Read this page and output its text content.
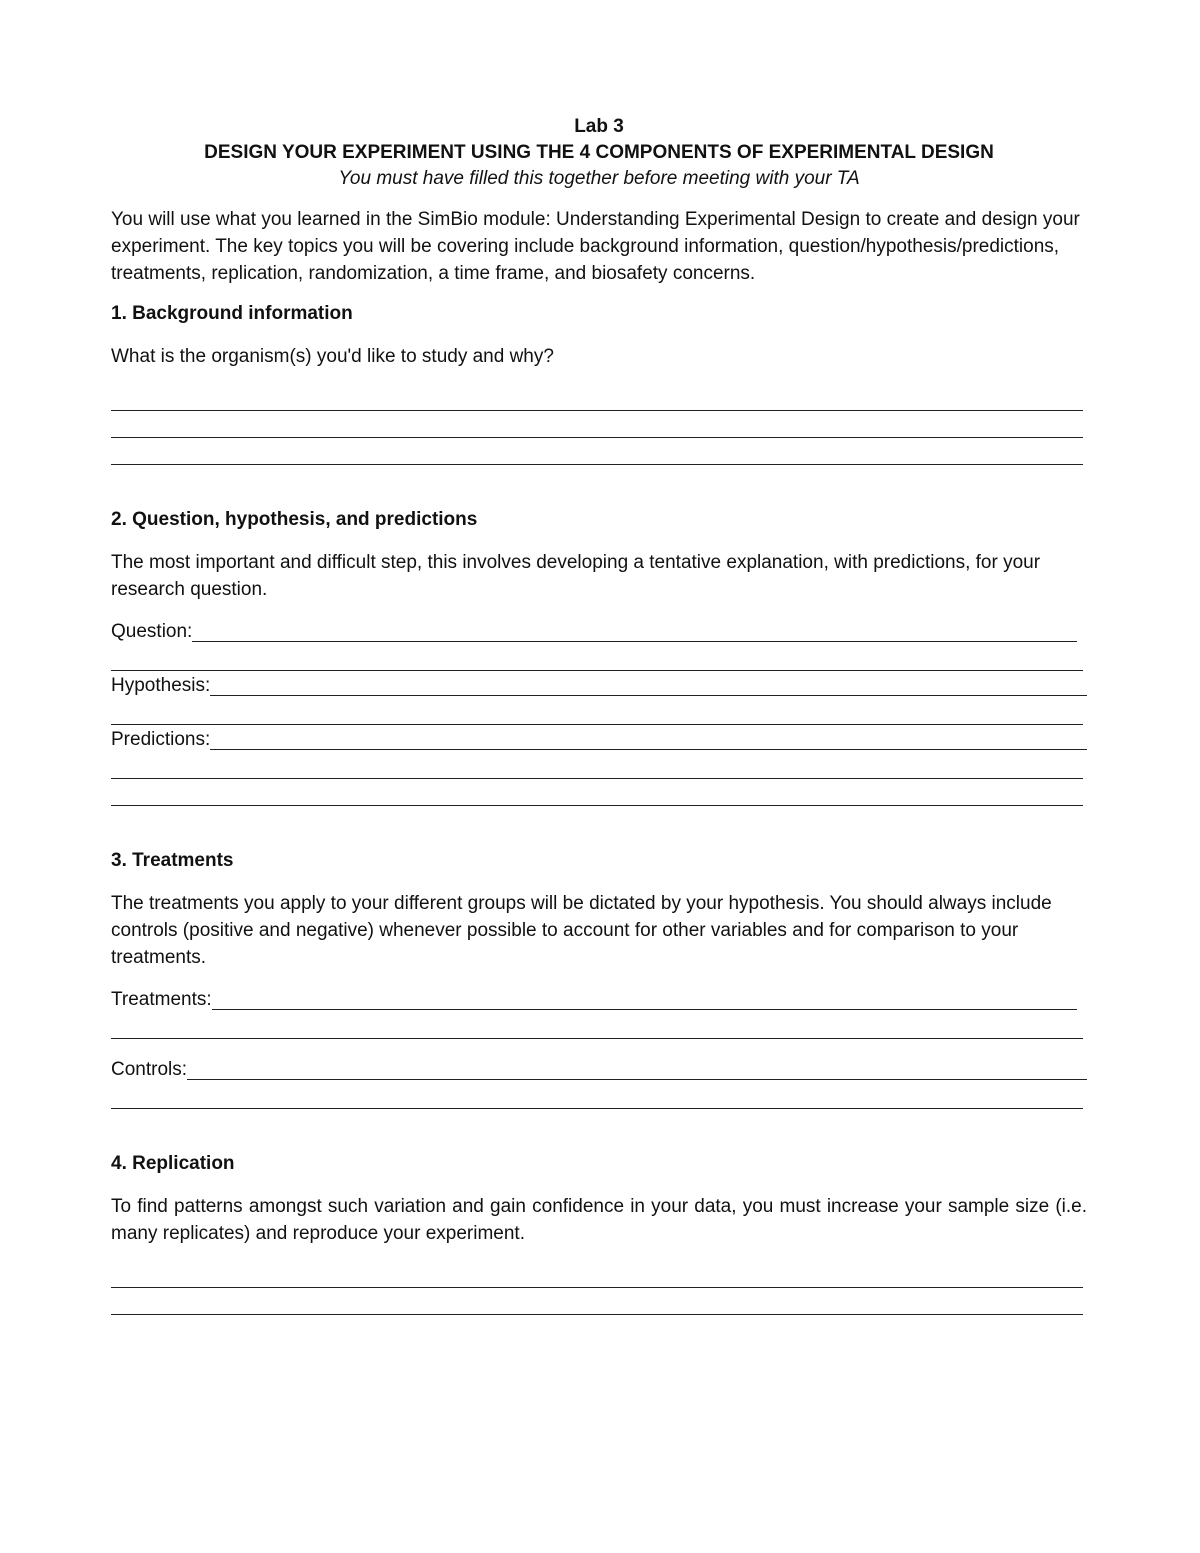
Lab 3
DESIGN YOUR EXPERIMENT USING THE 4 COMPONENTS OF EXPERIMENTAL DESIGN
You must have filled this together before meeting with your TA

You will use what you learned in the SimBio module: Understanding Experimental Design to create and design your experiment. The key topics you will be covering include background information, question/hypothesis/predictions, treatments, replication, randomization, a time frame, and biosafety concerns.

1. Background information

What is the organism(s) you'd like to study and why?

2. Question, hypothesis, and predictions

The most important and difficult step, this involves developing a tentative explanation, with predictions, for your research question.

Question:
Hypothesis:
Predictions:
3. Treatments

The treatments you apply to your different groups will be dictated by your hypothesis. You should always include controls (positive and negative) whenever possible to account for other variables and for comparison to your treatments.

Treatments:
Controls:
4. Replication

To find patterns amongst such variation and gain confidence in your data, you must increase your sample size (i.e. many replicates) and reproduce your experiment.
